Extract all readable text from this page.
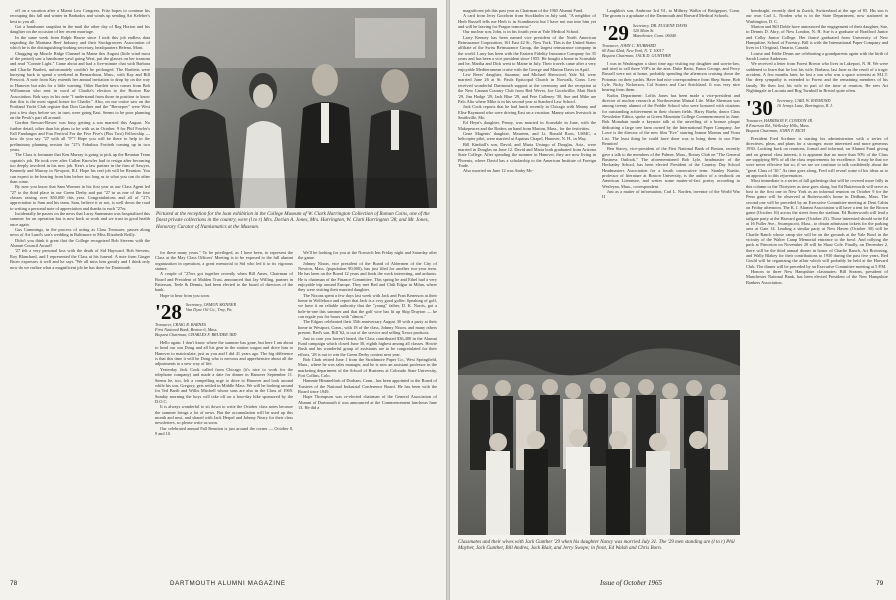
off on a vacation after a Miami Law Congress. Fritz hopes to continue his recouping this fall and winter in Barbados and winds up sending Art Keleher's best to you all.

Got a handsome snapshot in the mail the other day of Reg Horton and his daughter on the occasion of her recent marriage.

In the same week from Ralph Hawse since I took this job endless data regarding the Montana Beef Industry and their Stockgrowers Association of which he is the distinguishing-looking secretary, headquarters Helena, Mont.

Chugging up Muscle Ridge Channel in Maine this August (little wind most of the period) saw a handsome yawl going West, put the glasses on her transom and read "Connie Light." Came about and had a five-minute chat with Barbara and Charlie Bartlett, unfortunately couldn't be prolonged. The Bartletts were hurrying back to spend a weekend in Bernardston, Mass., with Kay and Bill Prescott. A note from Kay extends her annual invitation to drop by on the way to Hanover but asks for a little warning. Other Bartlett news comes from Bob Williamson who sent in word of Charlie's election to the Boston Bar Association. Bob says in his note "I understand from those in position to know that this is the most signal honor for Charlie." Also, on our cruise saw on the Portland Yacht Club register that Don Gardner and the "Beroepov" were West just a few days before we, in turn, were going East. Seems to be poor planning on the Pewk's part all around.

Gordon Stewart-Bower was busy getting a son married this August. No further detail, other than his plans to be with us in October. 9 for Phil Fowler's Fall Fandangos and Fun Festival For the Five Five's (Plus Two) Fellowship — how do you say "27 with all "P"? Hope you will be there to help in the preliminary planning session for "27's Fabulous Fortieth coming up in two years.

The Class is fortunate that Ken Murray is going to pick up the Reunion Team captain's job. He took over after Cullen Knowles had to resign after becoming too deeply involved in his new job. Ken's a law partner in the firm of Sawyer, Kennedy and Murray in Newport, R.I. Hope his real job will be Reunion. You can expect to be hearing from him before too long as to what you can do other than come.

By now you know that Sam Wormer in his first year as our Class Agent led "27 to the third place in our Green Derby and put "27 in as one of the four classes raising over $50,000 this year. Congratulations and all of "27's appreciation to Sam and his team. Sam, believe it or not, is well down the road to writing a personal note of appreciation and thanks to each "27er.

Incidentally he passes on the news that Larry Sunnsman was hospitalized this summer for an operation but is now back at work and we trust in good health once again.

Gus Cummings, in the process of acting as Class Treasurer, passes along news of Art Lund's son's wedding in Baltimore to Miss Elizabeth Reilly.

Didn't you think it great that the College recognized Bob Stevens with the Alumni Council Award?

'27 felt a very personal loss with the death of Sid Hayward. Bob Stevens, Roy Blanchard, and I represented the Class at his funeral. A note from Ginger Broer expresses it well and he says "We all miss him greatly and I think only now do we realize what a magnificent job he has done for Dartmouth

Pictured at the reception for the loan exhibition in the College Museum of W. Clark Harrington Collection of Roman Coins, one of the finest private collections in the country, were (l to r) Mrs. Dorian A. Jones, Mrs. Harrington, W. Clark Harrington '28, and Mr. Jones, Honorary Curator of Numismatics at the Museum.

for these many years." To be privileged, as I have been, to represent the Class at the May Class Officers' Meeting is to be exposed to the full alumni organization in operation, a great memorial to Sid who led it to its vigorous stature.

A couple of "27ers got together recently when Bill Ames, Chairman of Board and President of Malden Trust, announced that Jay Willing, partner in Patterson, Teele & Dennis, had been elected to the board of directors of the bank.

Hope to hear from you soon.

'28 Secretary, OSMUN SKINNER
Van Dyne Oil Co., Troy, Pa.
Treasurer, CRAIG R. BARNES
First National Bank, Benton 6, Mass.
Bequest Chairman, CHARLES F. BRUDER 3RD

Hello again. I don't know where the summer has gone, but here I am about to head our son Doug and all his gear in the station wagon and drive him to Hanover to matriculate, just as you and I did 41 years ago. The big difference is that this time it will be Doug who is nervous and apprehensive about all the adjustments to a new way of life.

Yesterday Jack Cook called from Chicago (it's nice to work for the telephone company) and made a date for dinner in Hanover September 11. Seems he, too, felt a compelling urge to drive to Hanover and look around while his son, Gregory, gets settled in Middle Mass. We will be looking around for Ted Barth and Willis Mitchell whose sons are also in the Class of 1969. Sunday morning the boys will take off on a four-day hike sponsored by the D.O.C.

It is always wonderful to sit down to write the October class notes because the summer brings a lot of news. But the accumulation will be used up this month and next, and shared with Jack Herpel and Johnny Neary for their class newsletters, so please write us soon.

Our celebrated annual Fall Reunion is just around the corner — October 8, 9 and 10.

We'll be looking for you at the Norwich Inn Friday night and Saturday after the game.

Johnny Nixon, vice president of the Board of Aldermen of the City of Newton, Mass. (population 90,000), has just filed for another two-year term. He has been on the Board 12 years and finds the work interesting, and arduous. He is chairman of the Finance Committee. This spring he and Ethel had a very enjoyable trip around Europe. They met Red and Chili Edgar in Milan, where they were visiting their married daughter.

The Nixons spent a few days last week with Jack and Fran Kenerson at their home in Wolfeboro and report that Jack is a very good golfer. Speaking of golf, we have it on reliable authority that the "young" father, D. K. Norris, got a hole-in-one this summer and that the golf wire has lit up Skip Drayton — he can regale you for hours with "almost."

The Edgars celebrated their 35th anniversary August 30 with a party at their home in Westport, Conn., with 18 of the class, Johnny Nixon, and many others present. Red's son, Bill '62, is out of the service and selling Xerox products.

Just in case you haven't heard, the Class contributed $36,400 in the Alumni Fund campaign which closed June 30, eighth highest among all classes. Howie Bush and his wonderful group of assistants are to be congratulated for their efforts. '28 is out to win the Green Derby contest next year.

Bob Clark retired June 1 from the Strathmore Paper Co., West Springfield, Mass., where he was sales manager, and he is now an assistant professor in the marketing department of the School of Business at Colorado State University, Fort Collins, Colo.

Hammie Himmelfarb of Durham, Conn., has been appointed to the Board of Trustees of the National Industrial Conference Board. He has been with the Board since 1949.

Hope Thompson was re-elected chairman of the General Association of Alumni of Dartmouth it was announced at the Commencement luncheon June 13. He did a

78	DARTMOUTH ALUMNI MAGAZINE

magnificent job this past year as Chairman of the 1965 Alumni Fund.

A card from Jerry Goodwin from Stockholm in July said, "A neighbor of Herb Russell tells me Herb is in Scandinavia but I have not run into him yet and will be leaving for Prague tomorrow."

Our nuclear son, John, is in his fourth year at Yale Medical School.

Larry Kenney has been named vice president of the North American Reinsurance Corporation, 161 East 42 St., New York. This is the United States affiliate of the Swiss Reinsurance Group, the largest reinsurance company in the world. Larry has been with the Eastern Fidelity Insurance Company for 35 years and has been a vice president since 1955. He bought a home in Scarsdale and he, Martha and Dick went to Maine in July. Their travels came after a very enjoyable Mediterranean cruise with the George and Marion Davis in April.

Lew Beers' daughter, Suzanne, and Michael Sherwood, Yale '64, were married June 26 at St. Pauls Episcopal Church in Norwalk, Conn. Lew received wonderful Dartmouth support at the ceremony and the reception at the New Canaan Country Club from Red Wever, Joe Goodwillie, Matt Bach '29, Jim Hodge '29, Jack Blue '29, and Pete Culleney '30, Sue and Mike are Palo Alto where Mike is in his second year at Stanford Law School.

Jack Cook reports that he had lunch recently in Chicago with Manny and Elise Raymond who were driving East on a vacation. Manny raises livestock in Smithville, Mo.

Ed Heyn's daughter, Penny, was married in Scarsdale in June, with the Makepeaces and the Boders on hand from Marion, Mass., for the festivities.

Gene Magenis' daughter, Maureen, and Lt. Ronald Roos, USMC, a helicopter pilot, were married at Aquinas Chapel, Hanover, N. H., in May.

Bill Kimball's son, David, and Maria Ursingo of Douglas, Ariz., were married in Douglas on June 12. David and Maria both graduated from Arizona State College. After spending the summer in Hanover, they are now living in Phoenix, where David has a scholarship to the American Institute of Foreign Trade.

Also married on June 12 was Amby Mc-

Laughlin's son, Ambrose 3rd '61, to Milbrey Wallin of Bridgeport, Conn. The groom is a graduate of the Dartmouth and Harvard Medical Schools.

'29 Secretary, DR. EUGENE DAVIS
320 Main St.
Manchester, Conn. 06040
Treasurer, JOHN C. HUBBARD
60 East 42nd, New York, N. Y. 10017
Bequest Chairman, JACK D. GUNTHER

I was in Washington a short time ago visiting my daughter and son-in-law, and tried to call three VIP's in the area. Duke Barto, Panos George, and Percy Russell were not at home, probably spending the afternoon cruising down the Potomac on their yachts. Have had nice correspondence from Shep Stone, Bob Lyle, Nicky Nickerson, Cal Sorters and Curt Strickland. It was very nice hearing from them.

Kudos Department: Loftis Jones has been made a vice-president and director of nuclear research at Northwestern Mutual Life. Mike Sherman was among twenty alumni of the Peddie School who were honored with citations for outstanding achievement in their chosen fields. Harry Baehr, donor Class Newsletter Editor, spoke at Green Mountain College Commencement in June. Bob Monahan made a keynote talk at the unveiling of a bronze plaque dedicating a large tree farm owned by the International Paper Company. Joe Lowe is the director of the new film "Eve" starring Jeanne Moreau and Virna Lisi. The least thing he could have done was to bring them to our Fine Reunion!

Ben Stacey, vice-president of the First National Bank of Boston, recently gave a talk to the members of the Palmer, Mass., Rotary Club on "The General Business Outlook." The aforementioned Bob Lyle, headmaster of the Hockaday School, has been elected President of the Country Day School Headmasters Association for a fourth consecutive term. Stanley Kunitz, professor of literature at Boston University, is the author of a textbook on American Literature, and writes some matter-of-fact poetry according to Wesleyan, Mass., correspondent.

Just as a matter of information, Carl L. Norden, inventor of the World War II

bombsight, recently died in Zurich, Switzerland at the age of 85. His son is our own Carl L. Norden who is in the State Department, now stationed in Washington, D. C.

Marion and Bill Doble have announced the engagement of their daughter, Sue, to Dennis D. Abry, of New London, N. H. Sue is a graduate of Bradford Junior and Colby Junior College. Her fiancé graduated from University of New Hampshire, School of Forestry. Bill is with the International Paper Company and lives in L'Original, Ontario, Canada.

Louise and Eddie Deans are celebrating a grandparents again with the birth of Sarah Louise Anderson.

We received a letter from Forest Brown who lives in Lakeport, N. H. We were saddened to learn that he lost his wife, Barbara, last June as the result of a tragic accident. A few months later, he lost a son who was a space scientist at M.I.T. Our deep sympathy is extended to Forest and the remaining members of his family. He then lost his wife in part of the time at reunion. He sees Art Nightingale in Laconia and Rog Turnbull in Bristol quite often.

'30 Secretary, CARL W. RAYMOND
16 Jennys Lane, Barrington, R. I.
Treasurer, HARRISON F. CONDON JR.
8 Emerson Rd., Wellesley Hills, Mass.
Bequest Chairman, JOHN F. RICH

President Fred Scribner is starting his administration with a series of directives, pleas, and plans for a stronger, more interested and more generous 1930. Looking back on reunions, formal and informal, on Alumni Fund giving and on general class interest, it is apparent that no more than 50% of the Class are supplying 90% of all the class requirements for excellence. It may be that we were never effective but so, if we are we continue to talk confidently about the "great Class of '30." As time goes along, Fred will reveal some of his ideas as to an approach to this rejuvenation.

Most immediate is a series of fall gatherings that will be covered more fully in this column or the Thirtyteer as time goes along, but Ed Butterworth will serve as host to the first one in New York as an informal reunion on October 9 for the Penn game will be observed at Butterworth's home in Dedham, Mass. The second one will be preceded by an Executive Committee meeting at Dent Cabin on Friday afternoon. The K. I. Alumni Association will have a tent for the Brown game (October 16) across the street from the stadium. Ed Butterworth will lead a tailgate party at the Harvard game (October 23). Those interested should write Ed at 16 Fuller Ave., Swampscott, Mass., to obtain admission tickets for the parking area at Gate 14. Leading a similar party at New Haven (October 30) will be Charlie Ranch whose camp site will be on the grounds at the Yale Bowl in the vicinity of the Walter Camp Memorial entrance to the bowl. And rallying the pack at Princeton on November 20 will be Shaw Cole. Finally, on December 2, there will be the third annual dinner in honor of Charlie Ranch, Art Browning, and Wally Blakey for their contributions to 1930 during the past five years. Red Gould will be organizing the affair which will probably be held at the Harvard Club. The dinner will be preceded by an Executive Committee meeting at 5 P.M.

Honors to three New Hampshire classmates: Bill Stearns, president of Manchester National Bank, has been elected President of the New Hampshire Bankers Association.

Classmates and their wives with Jack Gunther '29 when his daughter Nancy was married July 31. The '29 men standing are (l to r) Phil Mayher, Jack Gunther, Bill Andres, Jack Blair, and Jerry Swope; in front, Ed Walsh and Chris Born.
Issue of October 1965	79
